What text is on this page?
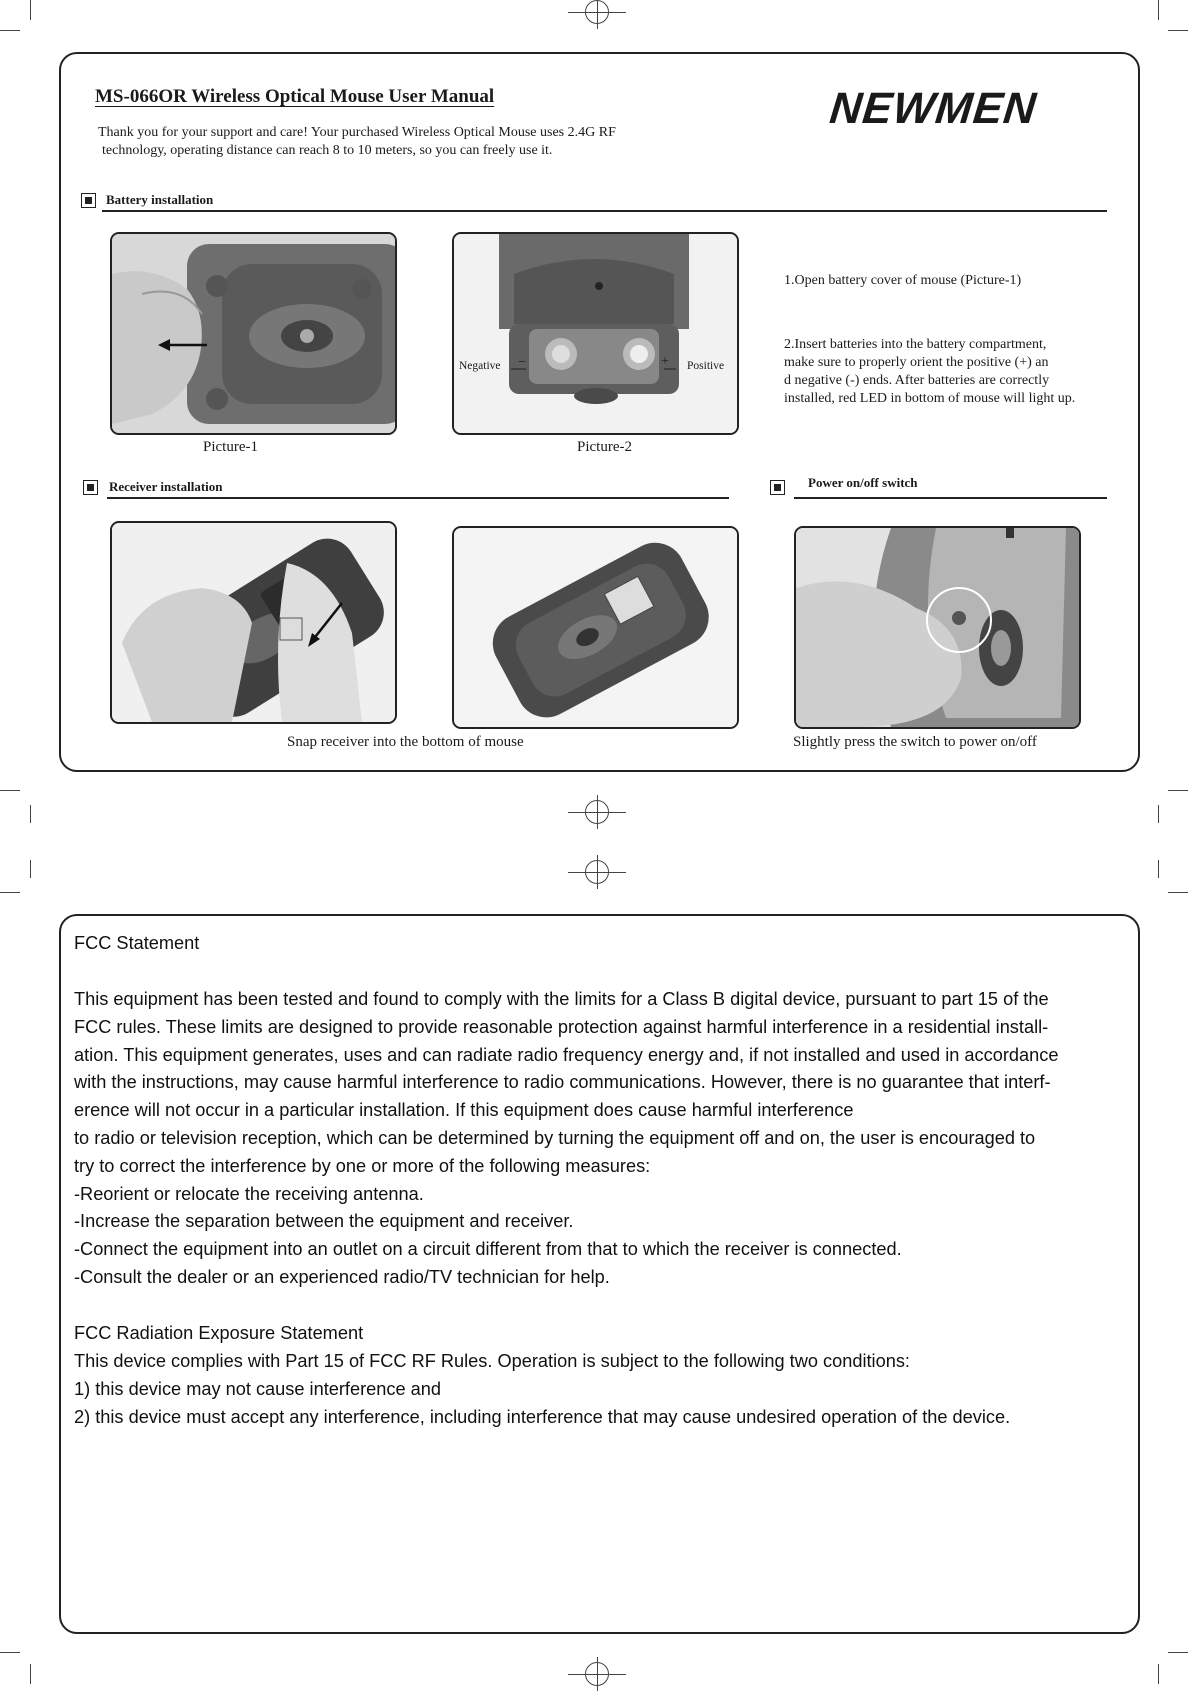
MS-066OR Wireless Optical Mouse User Manual
Thank you for your support and care! Your purchased Wireless Optical Mouse uses 2.4G RF
technology, operating distance can reach 8 to 10 meters, so you can freely use it.
NEWMEN
Battery installation
Picture-1
Negative −	Positive
+
Picture-2
1.Open battery cover of mouse (Picture-1)
2.Insert batteries into the battery compartment,
make sure to properly orient the positive (+) an
d negative (-) ends. After batteries are correctly
installed, red LED in bottom of mouse will light up.
Receiver installation	Power on/off switch
Snap receiver into the bottom of mouse	Slightly press the switch to power on/off
FCC Statement
This equipment has been tested and found to comply with the limits for a Class B digital device, pursuant to part 15 of the
FCC rules. These limits are designed to provide reasonable protection against harmful interference in a residential install-
ation. This equipment generates, uses and can radiate radio frequency energy and, if not installed and used in accordance
with the instructions, may cause harmful interference to radio communications. However, there is no guarantee that interf-
erence will not occur in a particular installation. If this equipment does cause harmful interference
to radio or television reception, which can be determined by turning the equipment off and on, the user is encouraged to
try to correct the interference by one or more of the following measures:
-Reorient or relocate the receiving antenna.
-Increase the separation between the equipment and receiver.
-Connect the equipment into an outlet on a circuit different from that to which the receiver is connected.
-Consult the dealer or an experienced radio/TV technician for help.
FCC Radiation Exposure Statement
This device complies with Part 15 of FCC RF Rules. Operation is subject to the following two conditions:
1) this device may not cause interference and
2) this device must accept any interference, including interference that may cause undesired operation of the device.
